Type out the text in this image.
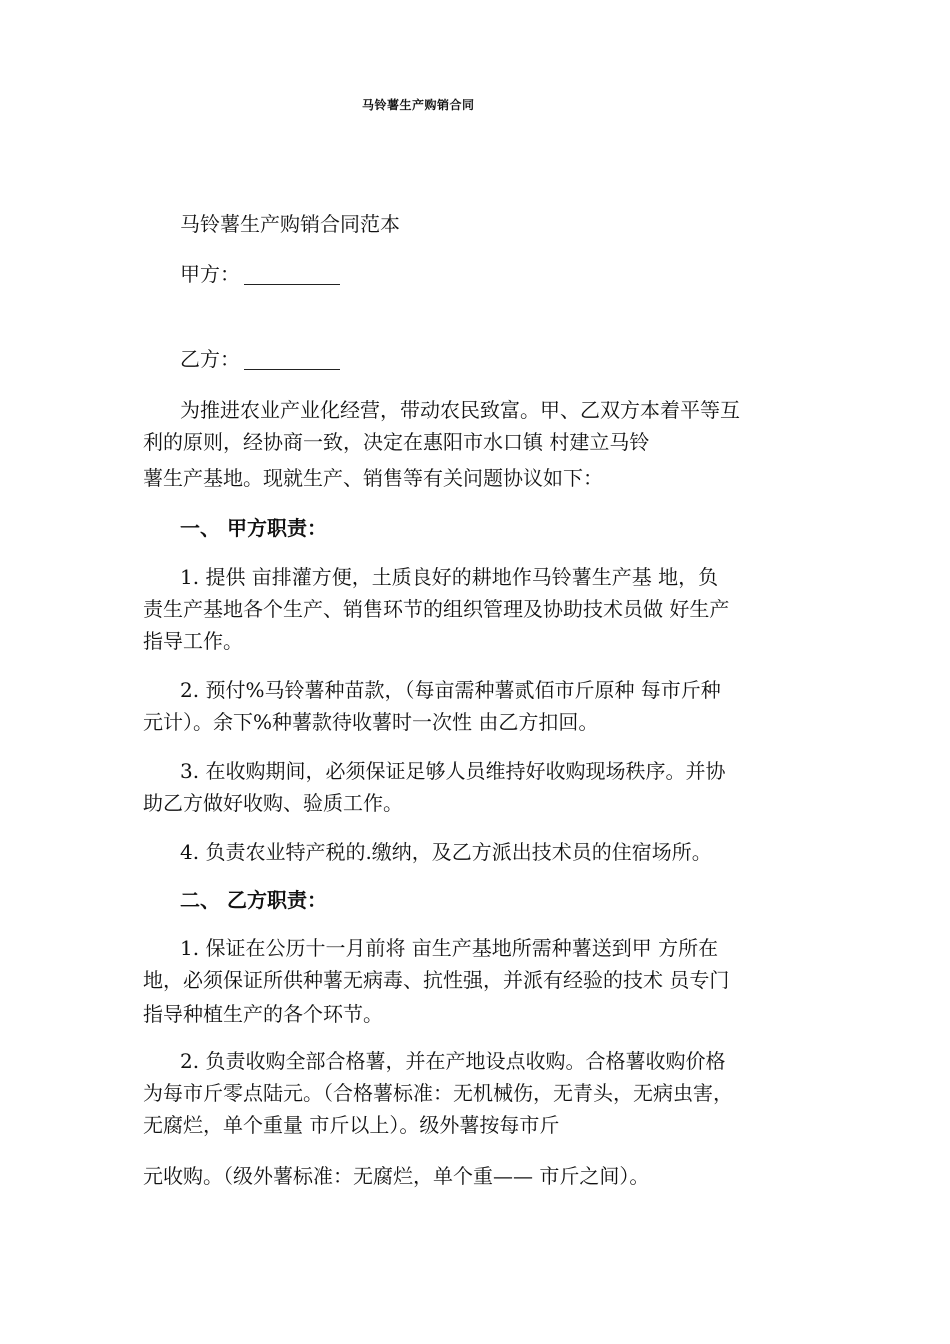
马铃薯生产购销合同
马铃薯生产购销合同范本
甲方：
乙方：
为推进农业产业化经营，带动农民致富。甲、乙双方本着平等互
利的原则，经协商一致，决定在惠阳市水口镇 村建立马铃
薯生产基地。现就生产、销售等有关问题协议如下：
一、 甲方职责：
1. 提供 亩排灌方便，土质良好的耕地作马铃薯生产基 地，负
责生产基地各个生产、销售环节的组织管理及协助技术员做 好生产
指导工作。
2. 预付%马铃薯种苗款，（每亩需种薯贰佰市斤原种 每市斤种
元计）。余下%种薯款待收薯时一次性 由乙方扣回。
3. 在收购期间，必须保证足够人员维持好收购现场秩序。并协
助乙方做好收购、验质工作。
4. 负责农业特产税的.缴纳，及乙方派出技术员的住宿场所。
二、 乙方职责：
1. 保证在公历十一月前将 亩生产基地所需种薯送到甲 方所在
地，必须保证所供种薯无病毒、抗性强，并派有经验的技术 员专门
指导种植生产的各个环节。
2. 负责收购全部合格薯，并在产地设点收购。合格薯收购价格
为每市斤零点陆元。（合格薯标准：无机械伤，无青头，无病虫害，
无腐烂，单个重量 市斤以上）。级外薯按每市斤
元收购。（级外薯标准：无腐烂，单个重—— 市斤之间）。
